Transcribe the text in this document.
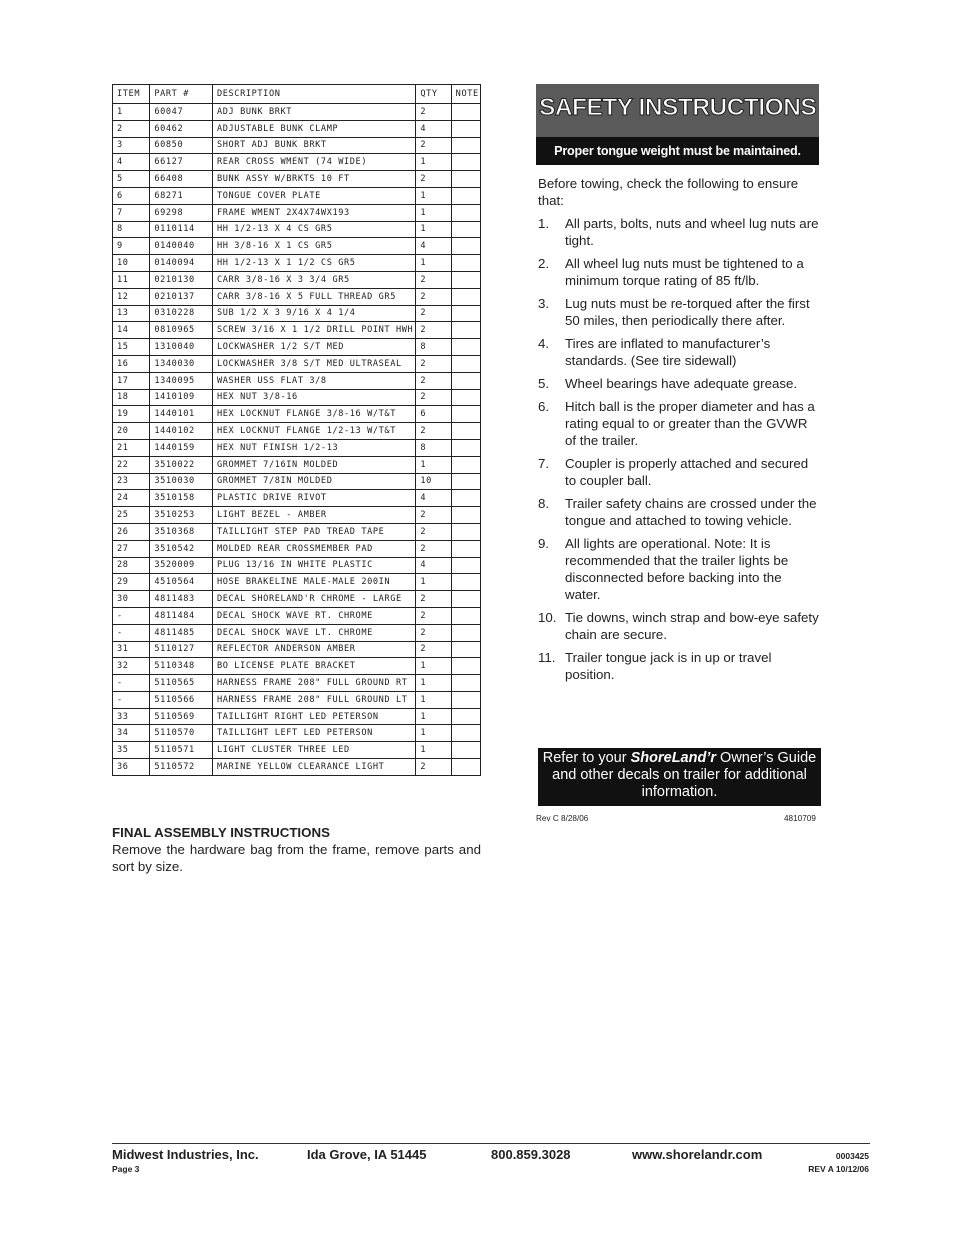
ITEM	PART #	DESCRIPTION	QTY	NOTE
1	60047	ADJ BUNK BRKT	2	
2	60462	ADJUSTABLE BUNK CLAMP	4	
3	60850	SHORT ADJ BUNK BRKT	2	
4	66127	REAR CROSS WMENT (74 WIDE)	1	
5	66408	BUNK ASSY W/BRKTS 10 FT	2	
6	68271	TONGUE COVER PLATE	1	
7	69298	FRAME WMENT 2X4X74WX193	1	
8	0110114	HH 1/2-13 X 4 CS GR5	1	
9	0140040	HH 3/8-16 X 1 CS GR5	4	
10	0140094	HH 1/2-13 X 1 1/2 CS GR5	1	
11	0210130	CARR 3/8-16 X 3 3/4 GR5	2	
12	0210137	CARR 3/8-16 X 5 FULL THREAD GR5	2	
13	0310228	SUB 1/2 X 3 9/16 X 4 1/4	2	
14	0810965	SCREW 3/16 X 1 1/2 DRILL POINT HWH	2	
15	1310040	LOCKWASHER 1/2 S/T MED	8	
16	1340030	LOCKWASHER 3/8 S/T MED ULTRASEAL	2	
17	1340095	WASHER USS FLAT 3/8	2	
18	1410109	HEX NUT 3/8-16	2	
19	1440101	HEX LOCKNUT FLANGE 3/8-16 W/T&T	6	
20	1440102	HEX LOCKNUT FLANGE 1/2-13 W/T&T	2	
21	1440159	HEX NUT FINISH 1/2-13	8	
22	3510022	GROMMET 7/16IN MOLDED	1	
23	3510030	GROMMET 7/8IN MOLDED	10	
24	3510158	PLASTIC DRIVE RIVOT	4	
25	3510253	LIGHT BEZEL - AMBER	2	
26	3510368	TAILLIGHT STEP PAD TREAD TAPE	2	
27	3510542	MOLDED REAR CROSSMEMBER PAD	2	
28	3520009	PLUG 13/16 IN WHITE PLASTIC	4	
29	4510564	HOSE BRAKELINE MALE-MALE 200IN	1	
30	4811483	DECAL SHORELAND'R CHROME - LARGE	2	
-	4811484	DECAL SHOCK WAVE RT. CHROME	2	
-	4811485	DECAL SHOCK WAVE LT. CHROME	2	
31	5110127	REFLECTOR ANDERSON AMBER	2	
32	5110348	BO LICENSE PLATE BRACKET	1	
-	5110565	HARNESS FRAME 208" FULL GROUND RT	1	
-	5110566	HARNESS FRAME 208" FULL GROUND LT	1	
33	5110569	TAILLIGHT RIGHT LED PETERSON	1	
34	5110570	TAILLIGHT LEFT LED PETERSON	1	
35	5110571	LIGHT CLUSTER THREE LED	1	
36	5110572	MARINE YELLOW CLEARANCE LIGHT	2	
FINAL ASSEMBLY INSTRUCTIONS

Remove the hardware bag from the frame, remove parts and sort by size.

SAFETY INSTRUCTIONS
Proper tongue weight must be maintained.
Before towing, check the following to ensure that:
1. All parts, bolts, nuts and wheel lug nuts are tight.
2. All wheel lug nuts must be tightened to a minimum torque rating of 85 ft/lb.
3. Lug nuts must be re-torqued after the first 50 miles, then periodically there after.
4. Tires are inflated to manufacturer’s standards. (See tire sidewall)
5. Wheel bearings have adequate grease.
6. Hitch ball is the proper diameter and has a rating equal to or greater than the GVWR of the trailer.
7. Coupler is properly attached and secured to coupler ball.
8. Trailer safety chains are crossed under the tongue and attached to towing vehicle.
9. All lights are operational. Note: It is recommended that the trailer lights be disconnected before backing into the water.
10. Tie downs, winch strap and bow-eye safety chain are secure.
11. Trailer tongue jack is in up or travel position.
Refer to your ShoreLand’r Owner’s Guide and other decals on trailer for additional information.
Rev C 8/28/06	4810709
Midwest Industries, Inc.	Ida Grove, IA 51445	800.859.3028	www.shorelandr.com
Page 3
0003425
REV A 10/12/06
